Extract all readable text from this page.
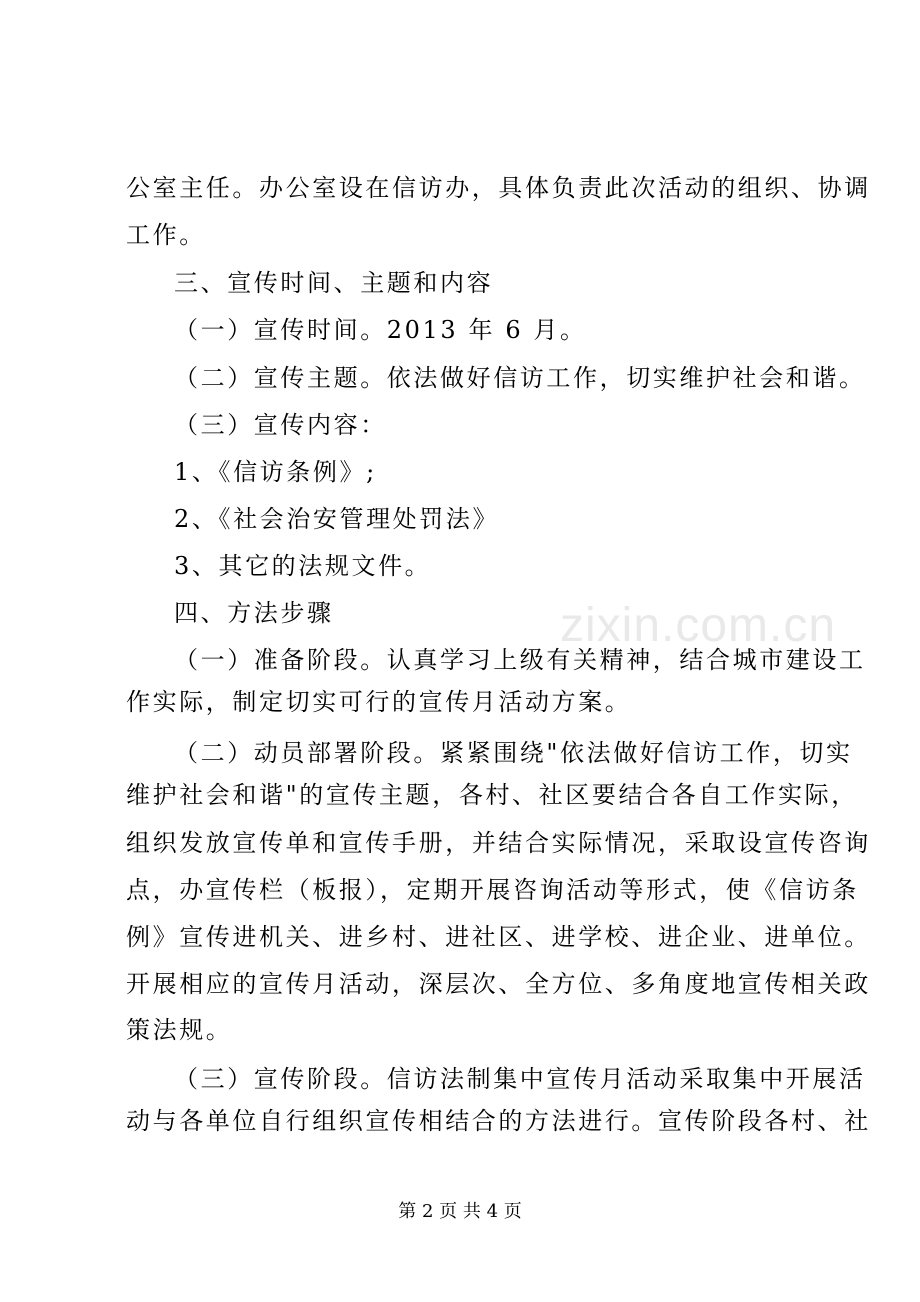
zixin.com.cn
公室主任。办公室设在信访办，具体负责此次活动的组织、协调
工作。
三、宣传时间、主题和内容
（一）宣传时间。2013 年 6 月。
（二）宣传主题。依法做好信访工作，切实维护社会和谐。
（三）宣传内容：
1、《信访条例》;
2、《社会治安管理处罚法》
3、其它的法规文件。
四、方法步骤
（一）准备阶段。认真学习上级有关精神，结合城市建设工
作实际，制定切实可行的宣传月活动方案。
（二）动员部署阶段。紧紧围绕"依法做好信访工作，切实
维护社会和谐"的宣传主题，各村、社区要结合各自工作实际，
组织发放宣传单和宣传手册，并结合实际情况，采取设宣传咨询
点，办宣传栏（板报），定期开展咨询活动等形式，使《信访条
例》宣传进机关、进乡村、进社区、进学校、进企业、进单位。
开展相应的宣传月活动，深层次、全方位、多角度地宣传相关政
策法规。
（三）宣传阶段。信访法制集中宣传月活动采取集中开展活
动与各单位自行组织宣传相结合的方法进行。宣传阶段各村、社
第 2 页 共 4 页
